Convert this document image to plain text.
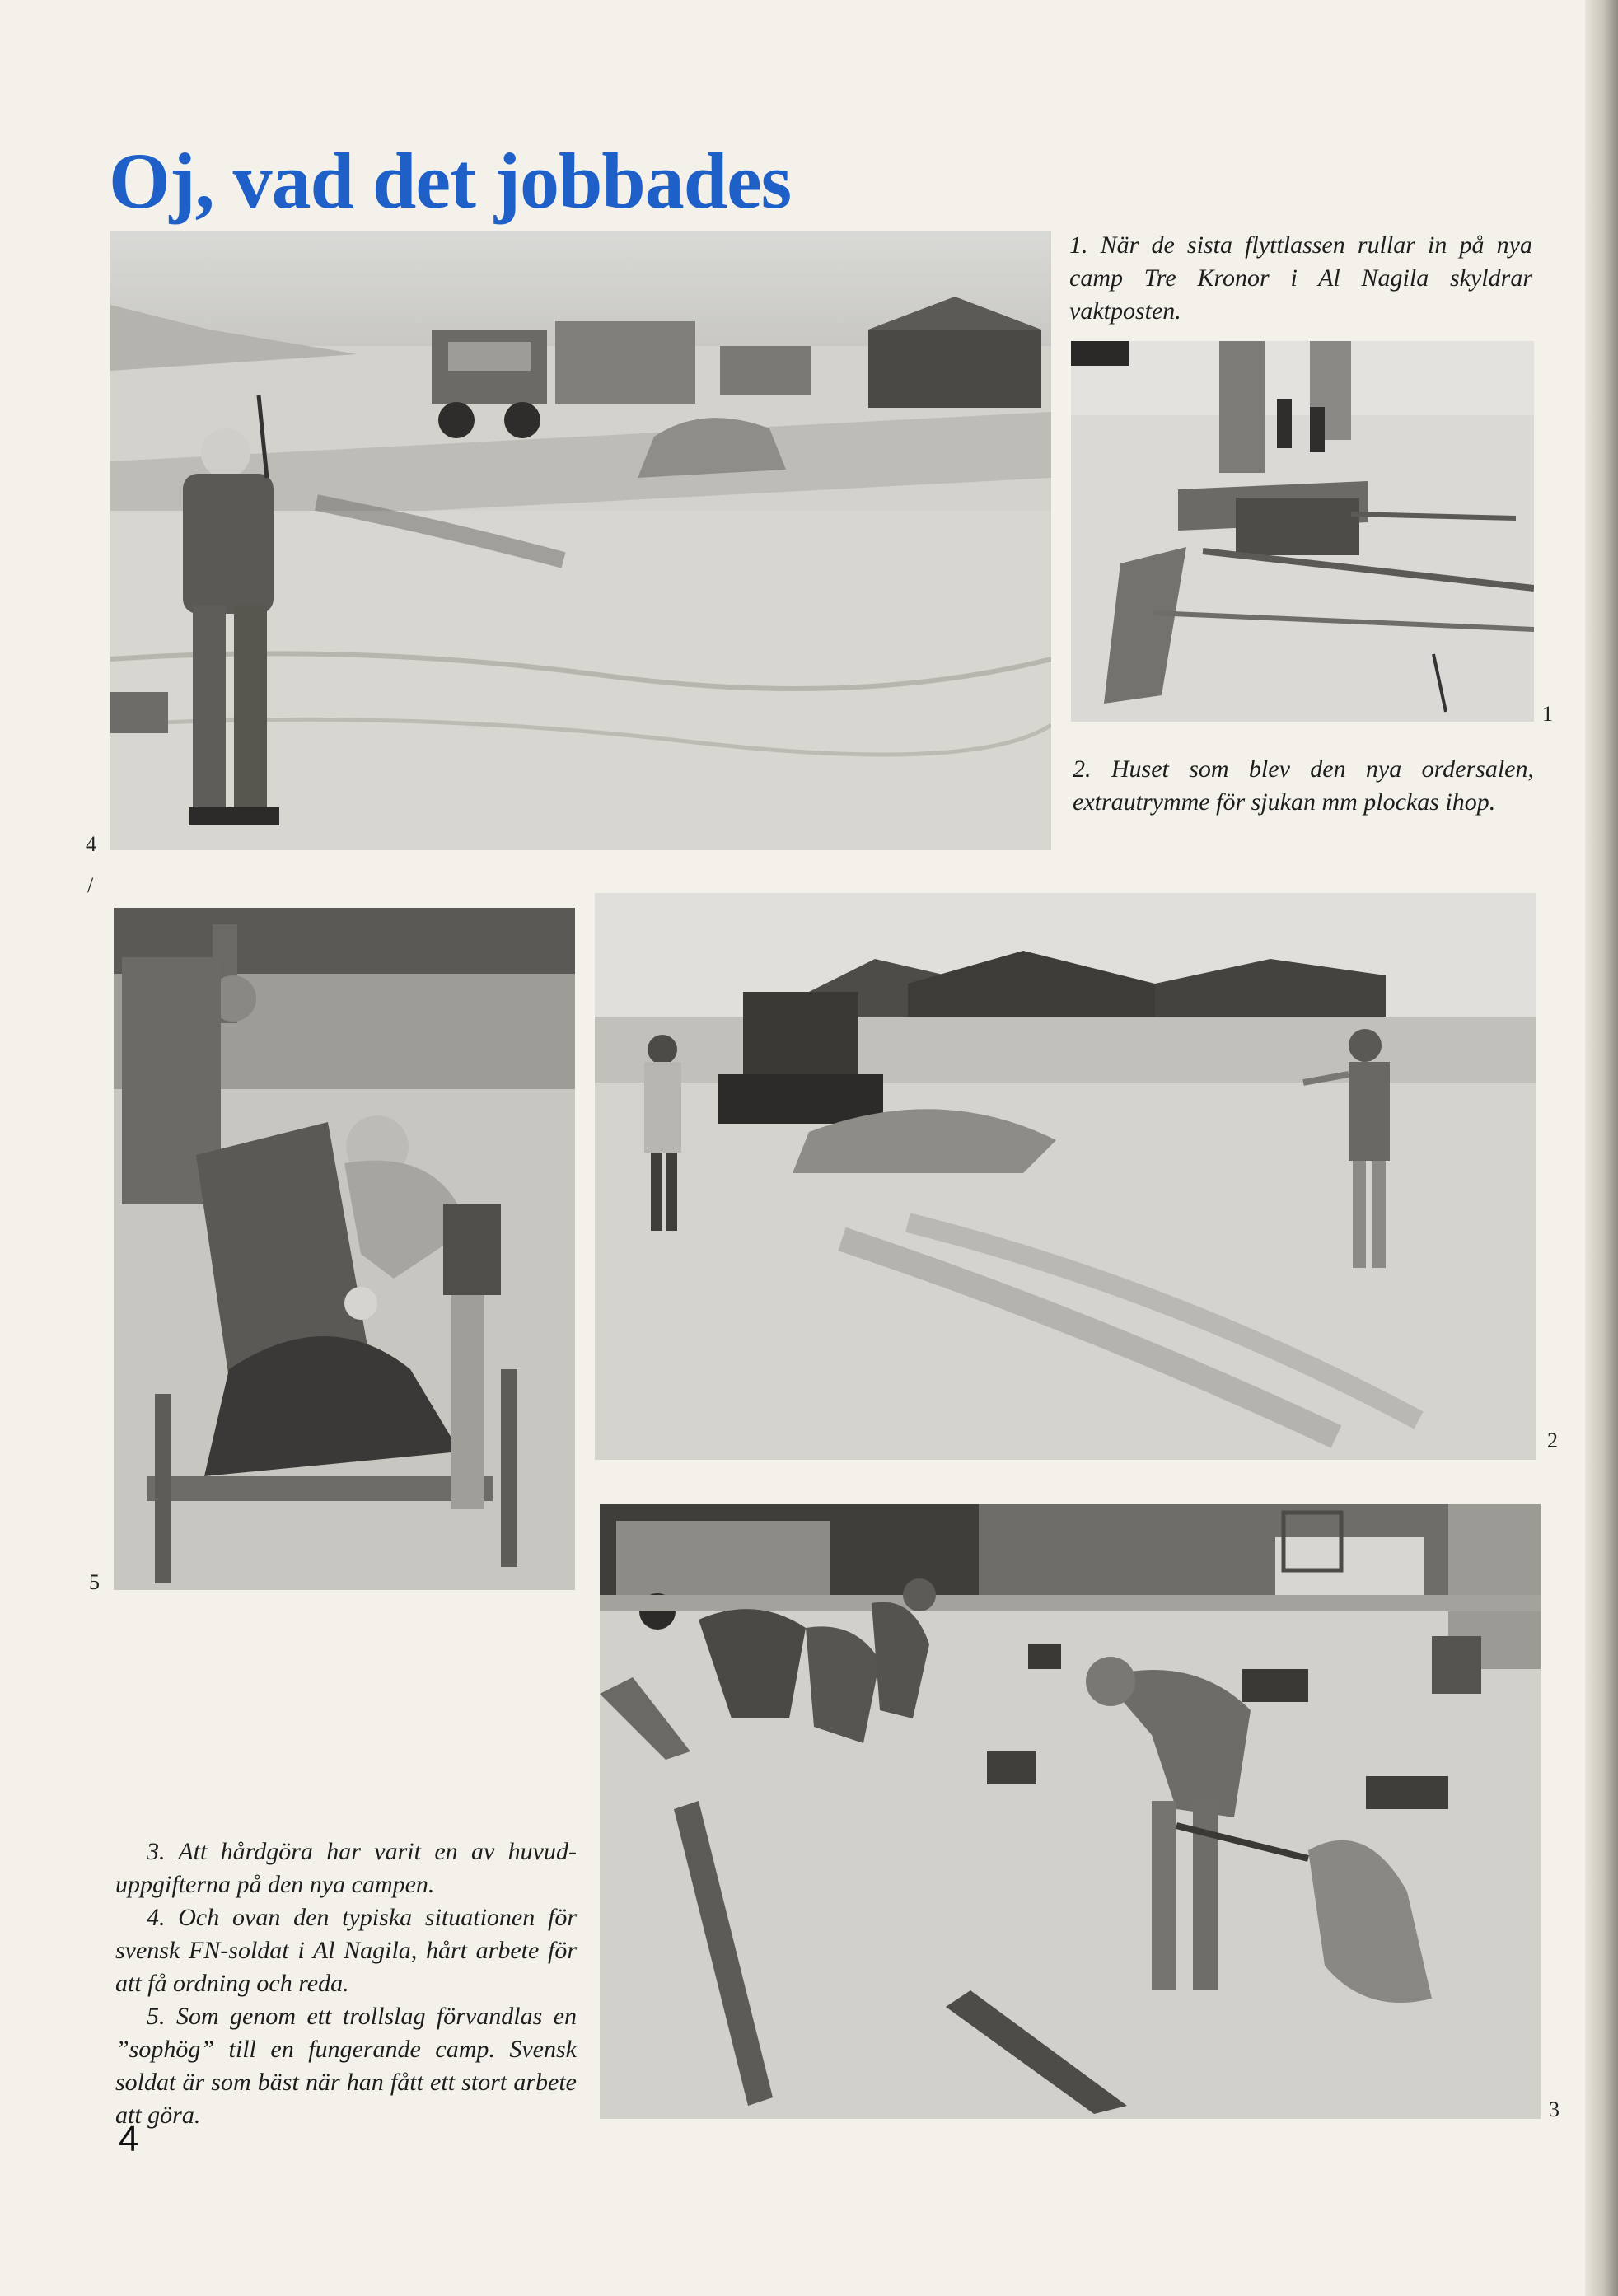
Oj, vad det jobbades

1. När de sista flyttlassen rullar in på nya camp Tre Kronor i Al Nagila skyldrar vaktposten.

1

2. Huset som blev den nya ordersalen, extrautrymme för sjukan mm plockas ihop.

4
/
2
3
5

3. Att hårdgöra har varit en av huvud-uppgifterna på den nya campen.

4. Och ovan den typiska situationen för svensk FN-soldat i Al Nagila, hårt arbete för att få ordning och reda.

5. Som genom ett trollslag förvandlas en ”sophög” till en fungerande camp. Svensk soldat är som bäst när han fått ett stort arbete att göra.

4
